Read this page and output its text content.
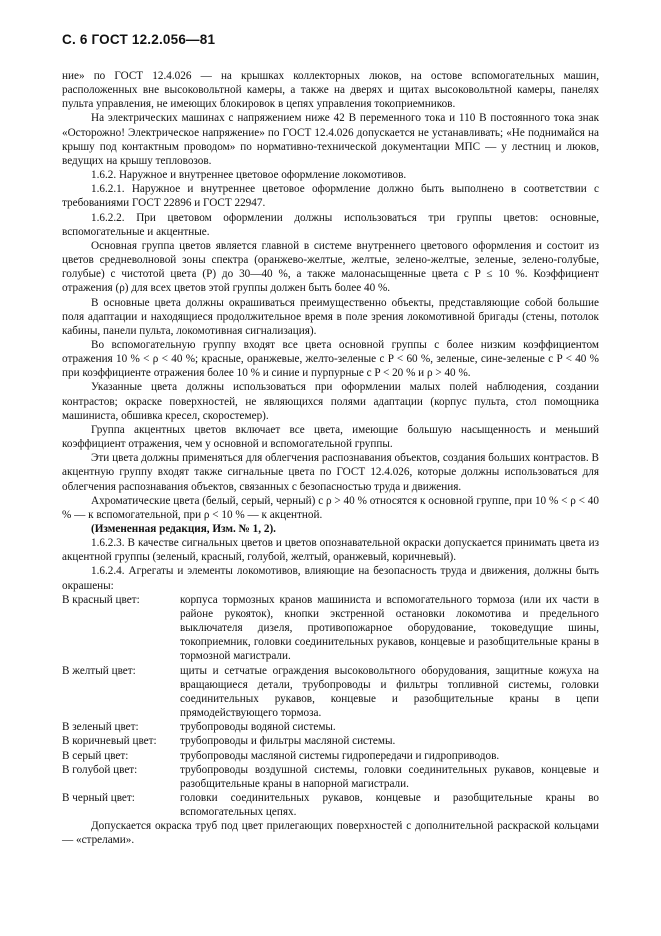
С. 6 ГОСТ 12.2.056—81

ние» по ГОСТ 12.4.026 — на крышках коллекторных люков, на остове вспомогательных машин, расположенных вне высоковольтной камеры, а также на дверях и щитах высоковольтной камеры, панелях пульта управления, не имеющих блокировок в цепях управления токоприемников.

На электрических машинах с напряжением ниже 42 В переменного тока и 110 В постоянного тока знак «Осторожно! Электрическое напряжение» по ГОСТ 12.4.026 допускается не устанавливать; «Не поднимайся на крышу под контактным проводом» по нормативно-технической документации МПС — у лестниц и люков, ведущих на крышу тепловозов.

1.6.2. Наружное и внутреннее цветовое оформление локомотивов.

1.6.2.1. Наружное и внутреннее цветовое оформление должно быть выполнено в соответствии с требованиями ГОСТ 22896 и ГОСТ 22947.

1.6.2.2. При цветовом оформлении должны использоваться три группы цветов: основные, вспомогательные и акцентные.

Основная группа цветов является главной в системе внутреннего цветового оформления и состоит из цветов средневолновой зоны спектра (оранжево-желтые, желтые, зелено-желтые, зеленые, зелено-голубые, голубые) с чистотой цвета (P) до 30—40 %, а также малонасыщенные цвета с P ≤ 10 %. Коэффициент отражения (ρ) для всех цветов этой группы должен быть более 40 %.

В основные цвета должны окрашиваться преимущественно объекты, представляющие собой большие поля адаптации и находящиеся продолжительное время в поле зрения локомотивной бригады (стены, потолок кабины, панели пульта, локомотивная сигнализация).

Во вспомогательную группу входят все цвета основной группы с более низким коэффициентом отражения 10 % < ρ < 40 %; красные, оранжевые, желто-зеленые с P < 60 %, зеленые, сине-зеленые с P < 40 % при коэффициенте отражения более 10 % и синие и пурпурные с P < 20 % и ρ > 40 %.

Указанные цвета должны использоваться при оформлении малых полей наблюдения, создании контрастов; окраске поверхностей, не являющихся полями адаптации (корпус пульта, стол помощника машиниста, обшивка кресел, скоростемер).

Группа акцентных цветов включает все цвета, имеющие большую насыщенность и меньший коэффициент отражения, чем у основной и вспомогательной группы.

Эти цвета должны применяться для облегчения распознавания объектов, создания больших контрастов. В акцентную группу входят также сигнальные цвета по ГОСТ 12.4.026, которые должны использоваться для облегчения распознавания объектов, связанных с безопасностью труда и движения.

Ахроматические цвета (белый, серый, черный) с ρ > 40 % относятся к основной группе, при 10 % < ρ < 40 % — к вспомогательной, при ρ < 10 % — к акцентной.

(Измененная редакция, Изм. № 1, 2).

1.6.2.3. В качестве сигнальных цветов и цветов опознавательной окраски допускается принимать цвета из акцентной группы (зеленый, красный, голубой, желтый, оранжевый, коричневый).

1.6.2.4. Агрегаты и элементы локомотивов, влияющие на безопасность труда и движения, должны быть окрашены:

В красный цвет:	корпуса тормозных кранов машиниста и вспомогательного тормоза (или их части в районе рукояток), кнопки экстренной остановки локомотива и предельного выключателя дизеля, противопожарное оборудование, токоведущие шины, токоприемник, головки соединительных рукавов, концевые и разобщительные краны в тормозной магистрали.
В желтый цвет:	щиты и сетчатые ограждения высоковольтного оборудования, защитные кожуха на вращающиеся детали, трубопроводы и фильтры топливной системы, головки соединительных рукавов, концевые и разобщительные краны в цепи прямодействующего тормоза.
В зеленый цвет:	трубопроводы водяной системы.
В коричневый цвет:	трубопроводы и фильтры масляной системы.
В серый цвет:	трубопроводы масляной системы гидропередачи и гидроприводов.
В голубой цвет:	трубопроводы воздушной системы, головки соединительных рукавов, концевые и разобщительные краны в напорной магистрали.
В черный цвет:	головки соединительных рукавов, концевые и разобщительные краны во вспомогательных цепях.

Допускается окраска труб под цвет прилегающих поверхностей с дополнительной раскраской кольцами — «стрелами».
